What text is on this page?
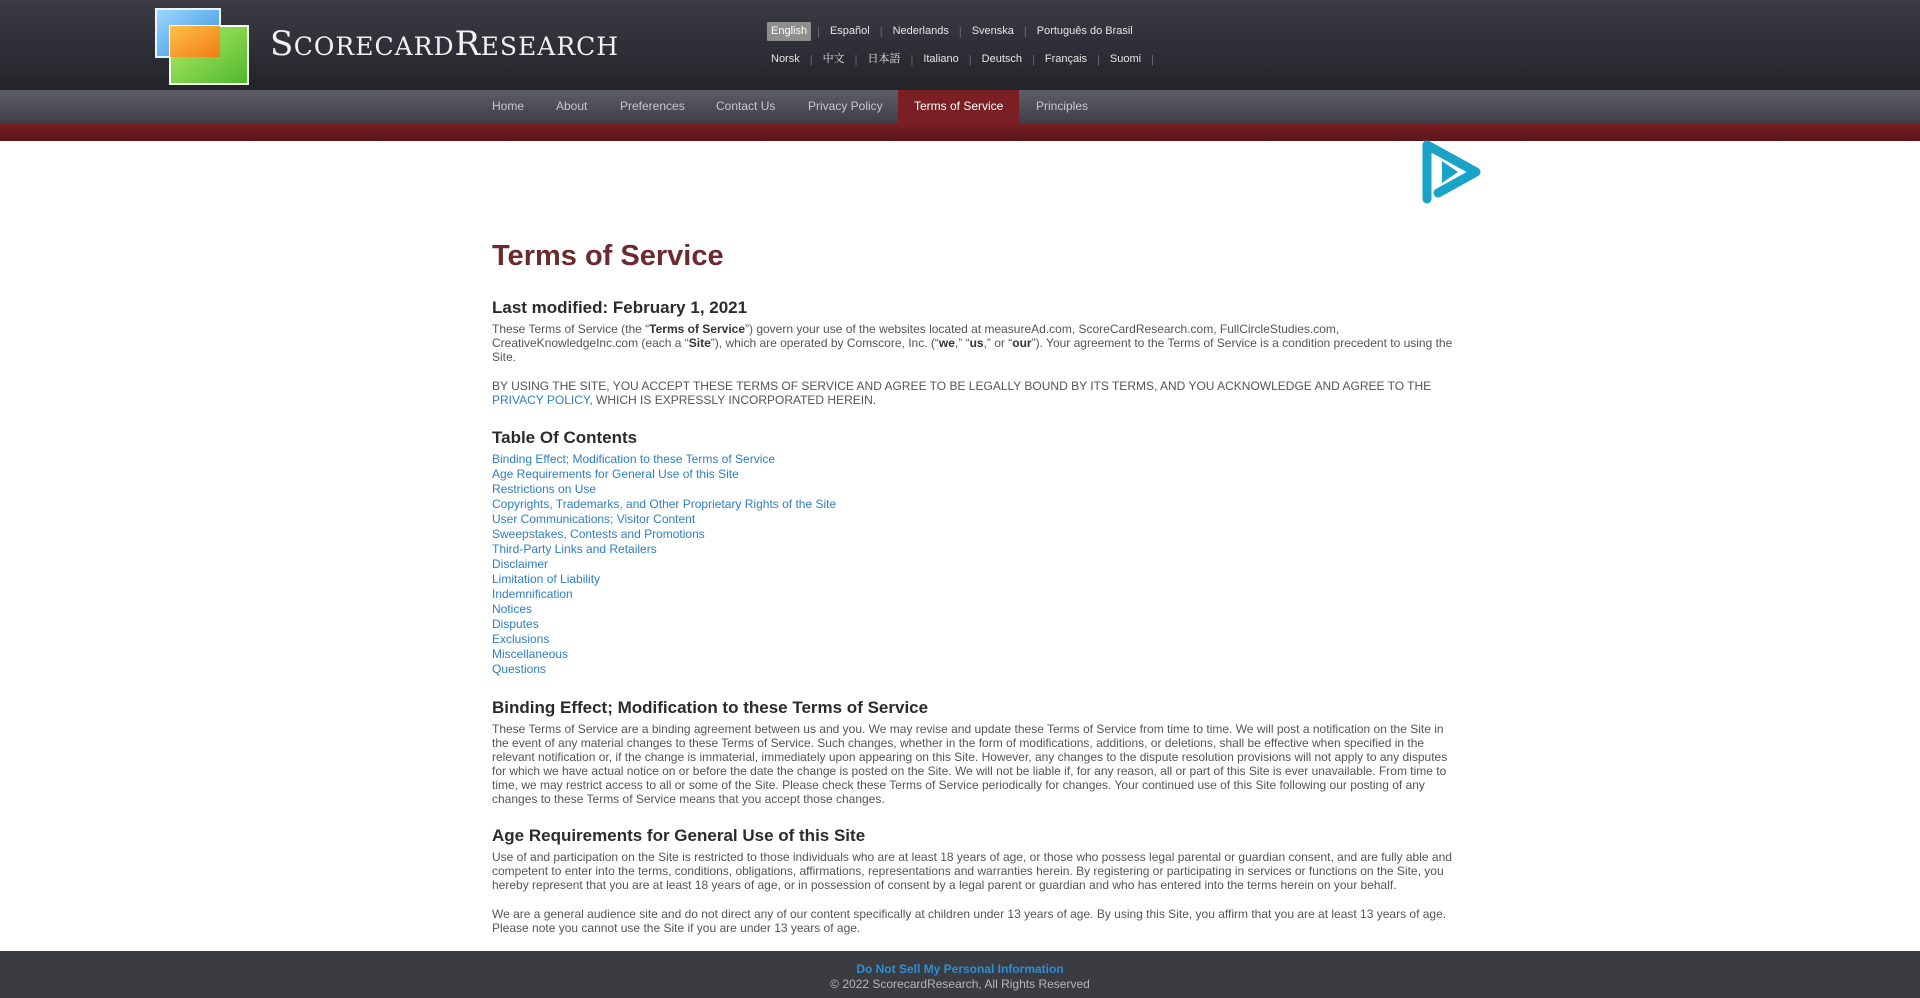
SCORECARDRESEARCH
English | Español | Nederlands | Svenska | Português do Brasil
Norsk | 中文 | 日本語 | Italiano | Deutsch | Français | Suomi |
Home	About	Preferences	Contact Us	Privacy Policy	Terms of Service	Principles
Terms of Service
Last modified: February 1, 2021

These Terms of Service (the “Terms of Service”) govern your use of the websites located at measureAd.com, ScoreCardResearch.com, FullCircleStudies.com, CreativeKnowledgeInc.com (each a “Site”), which are operated by Comscore, Inc. (“we,” “us,” or “our”). Your agreement to the Terms of Service is a condition precedent to using the Site.

BY USING THE SITE, YOU ACCEPT THESE TERMS OF SERVICE AND AGREE TO BE LEGALLY BOUND BY ITS TERMS, AND YOU ACKNOWLEDGE AND AGREE TO THE PRIVACY POLICY, WHICH IS EXPRESSLY INCORPORATED HEREIN.

Table Of Contents
Binding Effect; Modification to these Terms of Service
Age Requirements for General Use of this Site
Restrictions on Use
Copyrights, Trademarks, and Other Proprietary Rights of the Site
User Communications; Visitor Content
Sweepstakes, Contests and Promotions
Third-Party Links and Retailers
Disclaimer
Limitation of Liability
Indemnification
Notices
Disputes
Exclusions
Miscellaneous
Questions
Binding Effect; Modification to these Terms of Service

These Terms of Service are a binding agreement between us and you. We may revise and update these Terms of Service from time to time. We will post a notification on the Site in the event of any material changes to these Terms of Service. Such changes, whether in the form of modifications, additions, or deletions, shall be effective when specified in the relevant notification or, if the change is immaterial, immediately upon appearing on this Site. However, any changes to the dispute resolution provisions will not apply to any disputes for which we have actual notice on or before the date the change is posted on the Site. We will not be liable if, for any reason, all or part of this Site is ever unavailable. From time to time, we may restrict access to all or some of the Site. Please check these Terms of Service periodically for changes. Your continued use of this Site following our posting of any changes to these Terms of Service means that you accept those changes.

Age Requirements for General Use of this Site

Use of and participation on the Site is restricted to those individuals who are at least 18 years of age, or those who possess legal parental or guardian consent, and are fully able and competent to enter into the terms, conditions, obligations, affirmations, representations and warranties herein. By registering or participating in services or functions on the Site, you hereby represent that you are at least 18 years of age, or in possession of consent by a legal parent or guardian and who has entered into the terms herein on your behalf.

We are a general audience site and do not direct any of our content specifically at children under 13 years of age. By using this Site, you affirm that you are at least 13 years of age. Please note you cannot use the Site if you are under 13 years of age.

Do Not Sell My Personal Information
© 2022 ScorecardResearch, All Rights Reserved
